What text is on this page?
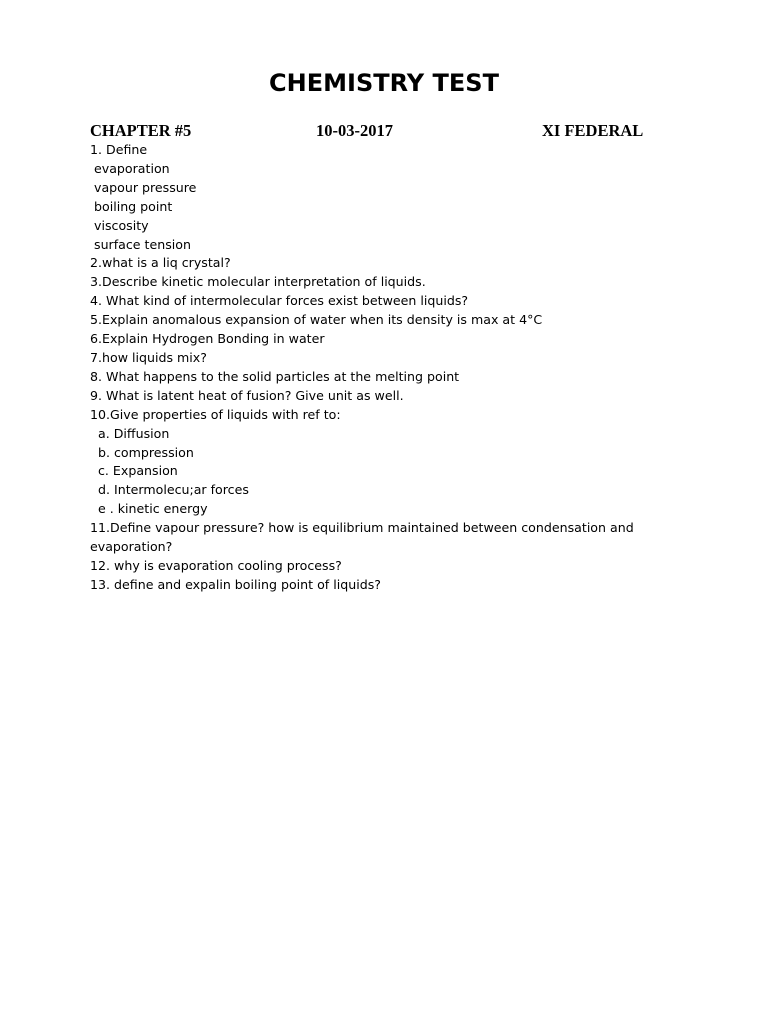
CHEMISTRY TEST
CHAPTER #5	10-03-2017	XI FEDERAL
1. Define
evaporation
vapour pressure
boiling point
viscosity
surface tension
2.what is a liq crystal?
3.Describe kinetic molecular interpretation of liquids.
4. What kind of intermolecular forces exist between liquids?
5.Explain anomalous expansion of water when its density is max at 4°C
6.Explain Hydrogen Bonding in water
7.how liquids mix?
8. What happens to the solid particles at the melting point
9. What is latent heat of fusion? Give unit as well.
10.Give properties of liquids with ref to:
a. Diffusion
b. compression
c. Expansion
d. Intermolecu;ar forces
e . kinetic energy
11.Define vapour pressure? how is equilibrium maintained between condensation and evaporation?
12. why is evaporation cooling process?
13. define and expalin boiling point of liquids?
